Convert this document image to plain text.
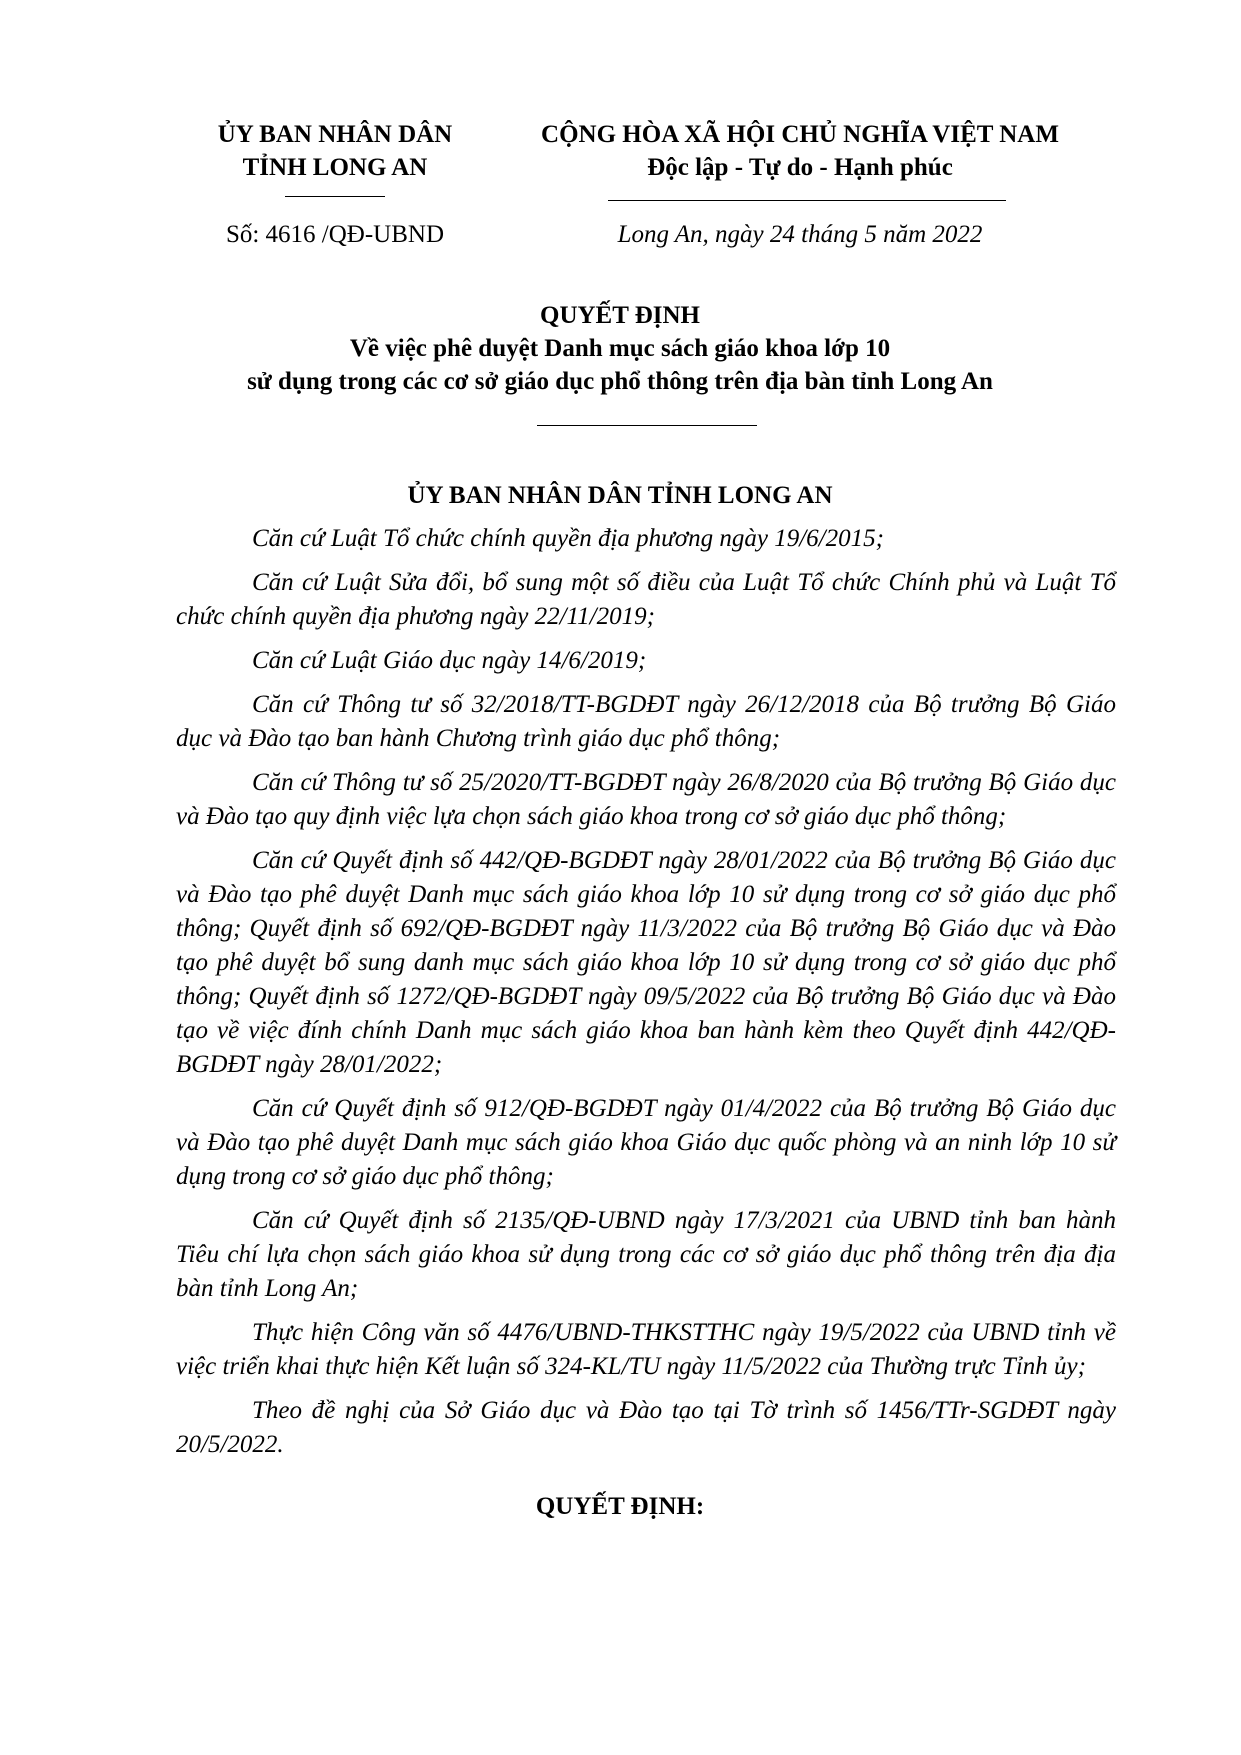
ỦY BAN NHÂN DÂN
TỈNH LONG AN
CỘNG HÒA XÃ HỘI CHỦ NGHĨA VIỆT NAM
Độc lập - Tự do - Hạnh phúc
Số: 4616 /QĐ-UBND	Long An, ngày 24 tháng 5 năm 2022
QUYẾT ĐỊNH
Về việc phê duyệt Danh mục sách giáo khoa lớp 10
sử dụng trong các cơ sở giáo dục phổ thông trên địa bàn tỉnh Long An
ỦY BAN NHÂN DÂN TỈNH LONG AN

Căn cứ Luật Tổ chức chính quyền địa phương ngày 19/6/2015;

Căn cứ Luật Sửa đổi, bổ sung một số điều của Luật Tổ chức Chính phủ và Luật Tổ chức chính quyền địa phương ngày 22/11/2019;

Căn cứ Luật Giáo dục ngày 14/6/2019;

Căn cứ Thông tư số 32/2018/TT-BGDĐT ngày 26/12/2018 của Bộ trưởng Bộ Giáo dục và Đào tạo ban hành Chương trình giáo dục phổ thông;

Căn cứ Thông tư số 25/2020/TT-BGDĐT ngày 26/8/2020 của Bộ trưởng Bộ Giáo dục và Đào tạo quy định việc lựa chọn sách giáo khoa trong cơ sở giáo dục phổ thông;

Căn cứ Quyết định số 442/QĐ-BGDĐT ngày 28/01/2022 của Bộ trưởng Bộ Giáo dục và Đào tạo phê duyệt Danh mục sách giáo khoa lớp 10 sử dụng trong cơ sở giáo dục phổ thông; Quyết định số 692/QĐ-BGDĐT ngày 11/3/2022 của Bộ trưởng Bộ Giáo dục và Đào tạo phê duyệt bổ sung danh mục sách giáo khoa lớp 10 sử dụng trong cơ sở giáo dục phổ thông; Quyết định số 1272/QĐ-BGDĐT ngày 09/5/2022 của Bộ trưởng Bộ Giáo dục và Đào tạo về việc đính chính Danh mục sách giáo khoa ban hành kèm theo Quyết định 442/QĐ-BGDĐT ngày 28/01/2022;

Căn cứ Quyết định số 912/QĐ-BGDĐT ngày 01/4/2022 của Bộ trưởng Bộ Giáo dục và Đào tạo phê duyệt Danh mục sách giáo khoa Giáo dục quốc phòng và an ninh lớp 10 sử dụng trong cơ sở giáo dục phổ thông;

Căn cứ Quyết định số 2135/QĐ-UBND ngày 17/3/2021 của UBND tỉnh ban hành Tiêu chí lựa chọn sách giáo khoa sử dụng trong các cơ sở giáo dục phổ thông trên địa địa bàn tỉnh Long An;

Thực hiện Công văn số 4476/UBND-THKSTTHC ngày 19/5/2022 của UBND tỉnh về việc triển khai thực hiện Kết luận số 324-KL/TU ngày 11/5/2022 của Thường trực Tỉnh ủy;

Theo đề nghị của Sở Giáo dục và Đào tạo tại Tờ trình số 1456/TTr-SGDĐT ngày 20/5/2022.

QUYẾT ĐỊNH:
